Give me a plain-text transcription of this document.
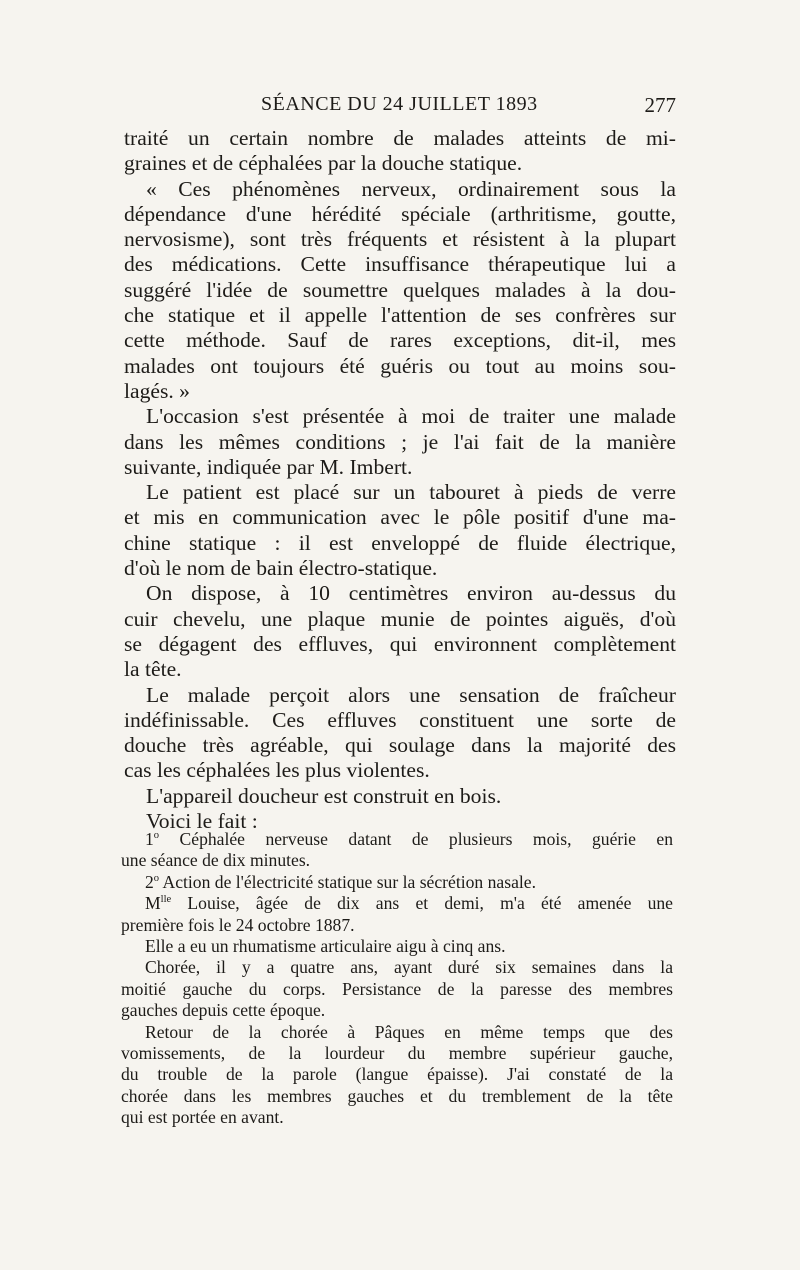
SÉANCE DU 24 JUILLET 1893	277

traité un certain nombre de malades atteints de mi-
graines et de céphalées par la douche statique.

« Ces phénomènes nerveux, ordinairement sous la

dépendance d'une hérédité spéciale (arthritisme, goutte,
nervosisme), sont très fréquents et résistent à la plupart
des médications. Cette insuffisance thérapeutique lui a
suggéré l'idée de soumettre quelques malades à la dou-
che statique et il appelle l'attention de ses confrères sur
cette méthode. Sauf de rares exceptions, dit-il, mes
malades ont toujours été guéris ou tout au moins sou-
lagés. »

L'occasion s'est présentée à moi de traiter une malade

dans les mêmes conditions ; je l'ai fait de la manière
suivante, indiquée par M. Imbert.

Le patient est placé sur un tabouret à pieds de verre

et mis en communication avec le pôle positif d'une ma-
chine statique : il est enveloppé de fluide électrique,
d'où le nom de bain électro-statique.

On dispose, à 10 centimètres environ au-dessus du

cuir chevelu, une plaque munie de pointes aiguës, d'où
se dégagent des effluves, qui environnent complètement
la tête.

Le malade perçoit alors une sensation de fraîcheur

indéfinissable. Ces effluves constituent une sorte de
douche très agréable, qui soulage dans la majorité des
cas les céphalées les plus violentes.

L'appareil doucheur est construit en bois.

Voici le fait :

1$^o$ Céphalée nerveuse datant de plusieurs mois, guérie en

une séance de dix minutes.

2$^o$ Action de l'électricité statique sur la sécrétion nasale.

$M^{lle}$ Louise, âgée de dix ans et demi, m'a été amenée une

première fois le 24 octobre 1887.

Elle a eu un rhumatisme articulaire aigu à cinq ans.

Chorée, il y a quatre ans, ayant duré six semaines dans la

moitié gauche du corps. Persistance de la paresse des membres
gauches depuis cette époque.

Retour de la chorée à Pâques en même temps que des

vomissements, de la lourdeur du membre supérieur gauche,
du trouble de la parole (langue épaisse). J'ai constaté de la
chorée dans les membres gauches et du tremblement de la tête
qui est portée en avant.
